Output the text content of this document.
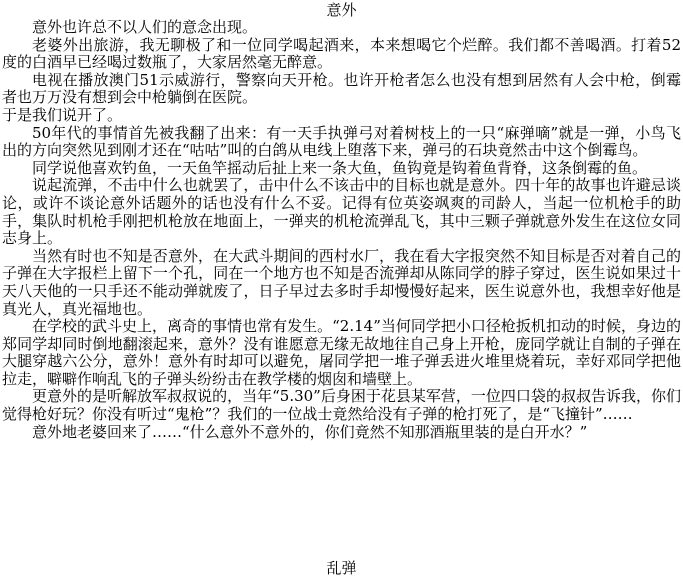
意外

意外也许总不以人们的意念出现。

老婆外出旅游，我无聊极了和一位同学喝起酒来，本来想喝它个烂醉。我们都不善喝酒。打着52度的白酒早已经喝过数瓶了，大家居然毫无醉意。

电视在播放澳门51示威游行，警察向天开枪。也许开枪者怎么也没有想到居然有人会中枪，倒霉者也万万没有想到会中枪躺倒在医院。

于是我们说开了。

50年代的事情首先被我翻了出来：有一天手执弹弓对着树枝上的一只“麻弹嘀”就是一弹，小鸟飞出的方向突然见到刚才还在“咕咕”叫的白鸽从电线上堕落下来，弹弓的石块竟然击中这个倒霉鸟。

同学说他喜欢钓鱼，一天鱼竿摇动后扯上来一条大鱼，鱼钩竟是钩着鱼背脊，这条倒霉的鱼。

说起流弹，不击中什么也就罢了，击中什么不该击中的目标也就是意外。四十年的故事也许避忌谈论，或许不谈论意外话题外的话也没有什么不妥。记得有位英姿飒爽的司龄人，当起一位机枪手的助手，集队时机枪手刚把机枪放在地面上，一弹夹的机枪流弹乱飞，其中三颗子弹就意外发生在这位女同志身上。

当然有时也不知是否意外，在大武斗期间的西村水厂，我在看大字报突然不知目标是否对着自己的子弹在大字报栏上留下一个孔，同在一个地方也不知是否流弹却从陈同学的脖子穿过，医生说如果过十天八天他的一只手还不能动弹就废了，日子早过去多时手却慢慢好起来，医生说意外也，我想幸好他是真光人，真光福地也。

在学校的武斗史上，离奇的事情也常有发生。“2.14”当何同学把小口径枪扳机扣动的时候，身边的郑同学却同时倒地翻滚起来，意外？没有谁愿意无缘无故地往自己身上开枪，庞同学就让自制的子弹在大腿穿越六公分，意外！意外有时却可以避免，屠同学把一堆子弹丢进火堆里烧着玩，幸好邓同学把他拉走，噼噼作响乱飞的子弹头纷纷击在教学楼的烟囱和墙壁上。

更意外的是听解放军叔叔说的，当年“5.30”后身困于花县某军营，一位四口袋的叔叔告诉我，你们觉得枪好玩？你没有听过“鬼枪”？我们的一位战士竟然给没有子弹的枪打死了，是“飞撞针”……

意外地老婆回来了……“什么意外不意外的，你们竟然不知那酒瓶里装的是白开水？”

乱弹
